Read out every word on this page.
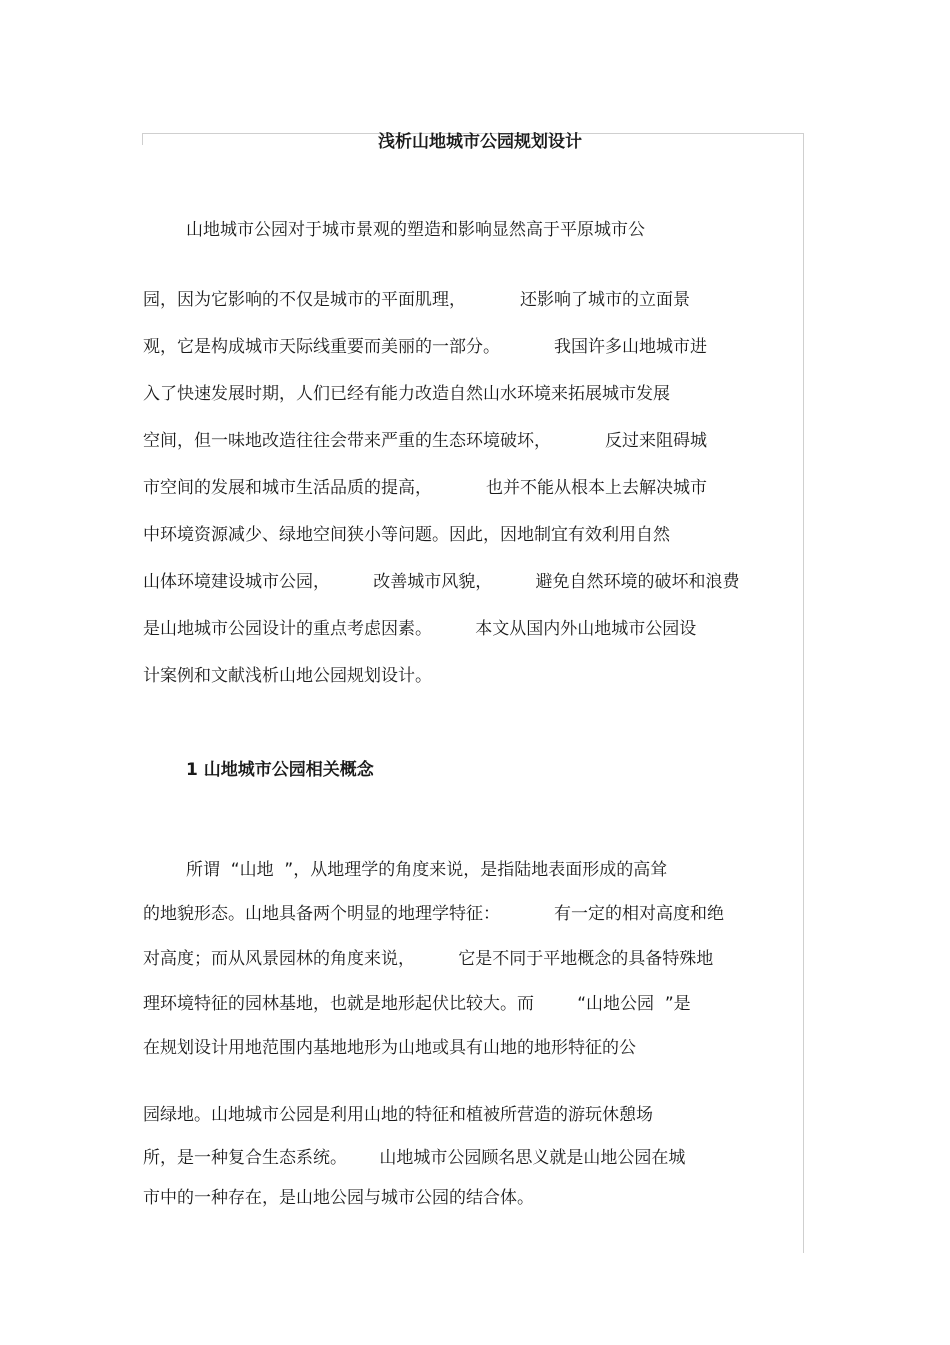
浅析山地城市公园规划设计

山地城市公园对于城市景观的塑造和影响显然高于平原城市公

园，因为它影响的不仅是城市的平面肌理，          还影响了城市的立面景

观，它是构成城市天际线重要而美丽的一部分。          我国许多山地城市进

入了快速发展时期，人们已经有能力改造自然山水环境来拓展城市发展

空间，但一味地改造往往会带来严重的生态环境破坏，          反过来阻碍城

市空间的发展和城市生活品质的提高，          也并不能从根本上去解决城市

中环境资源减少、绿地空间狭小等问题。因此，因地制宜有效利用自然

山体环境建设城市公园，        改善城市风貌，        避免自然环境的破坏和浪费

是山地城市公园设计的重点考虑因素。        本文从国内外山地城市公园设

计案例和文献浅析山地公园规划设计。

1 山地城市公园相关概念

所谓  “山地  ”，从地理学的角度来说，是指陆地表面形成的高耸

的地貌形态。山地具备两个明显的地理学特征：          有一定的相对高度和绝

对高度；而从风景园林的角度来说，        它是不同于平地概念的具备特殊地

理环境特征的园林基地，也就是地形起伏比较大。而        “山地公园  ”是

在规划设计用地范围内基地地形为山地或具有山地的地形特征的公

园绿地。山地城市公园是利用山地的特征和植被所营造的游玩休憩场

所，是一种复合生态系统。      山地城市公园顾名思义就是山地公园在城

市中的一种存在，是山地公园与城市公园的结合体。
